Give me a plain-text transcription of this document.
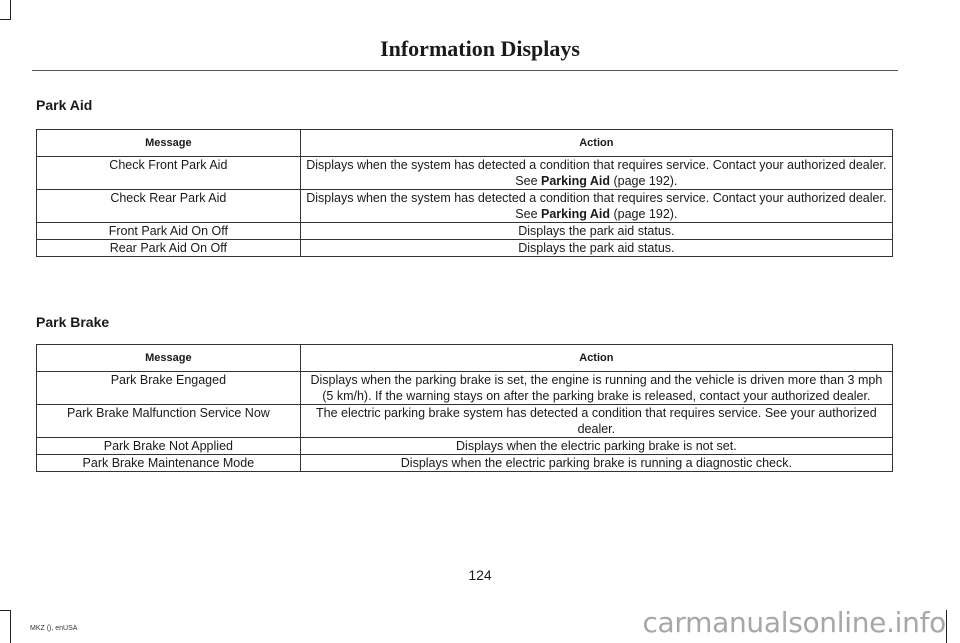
Information Displays
Park Aid
Message	Action
Check Front Park Aid	Displays when the system has detected a condition that requires service. Contact your authorized dealer. See Parking Aid (page 192).
Check Rear Park Aid	Displays when the system has detected a condition that requires service. Contact your authorized dealer. See Parking Aid (page 192).
Front Park Aid On Off	Displays the park aid status.
Rear Park Aid On Off	Displays the park aid status.
Park Brake
Message	Action
Park Brake Engaged	Displays when the parking brake is set, the engine is running and the vehicle is driven more than 3 mph (5 km/h). If the warning stays on after the parking brake is released, contact your authorized dealer.
Park Brake Malfunction Service Now	The electric parking brake system has detected a condition that requires service. See your authorized dealer.
Park Brake Not Applied	Displays when the electric parking brake is not set.
Park Brake Maintenance Mode	Displays when the electric parking brake is running a diagnostic check.
124
MKZ (), enUSA	carmanualsonline.info
